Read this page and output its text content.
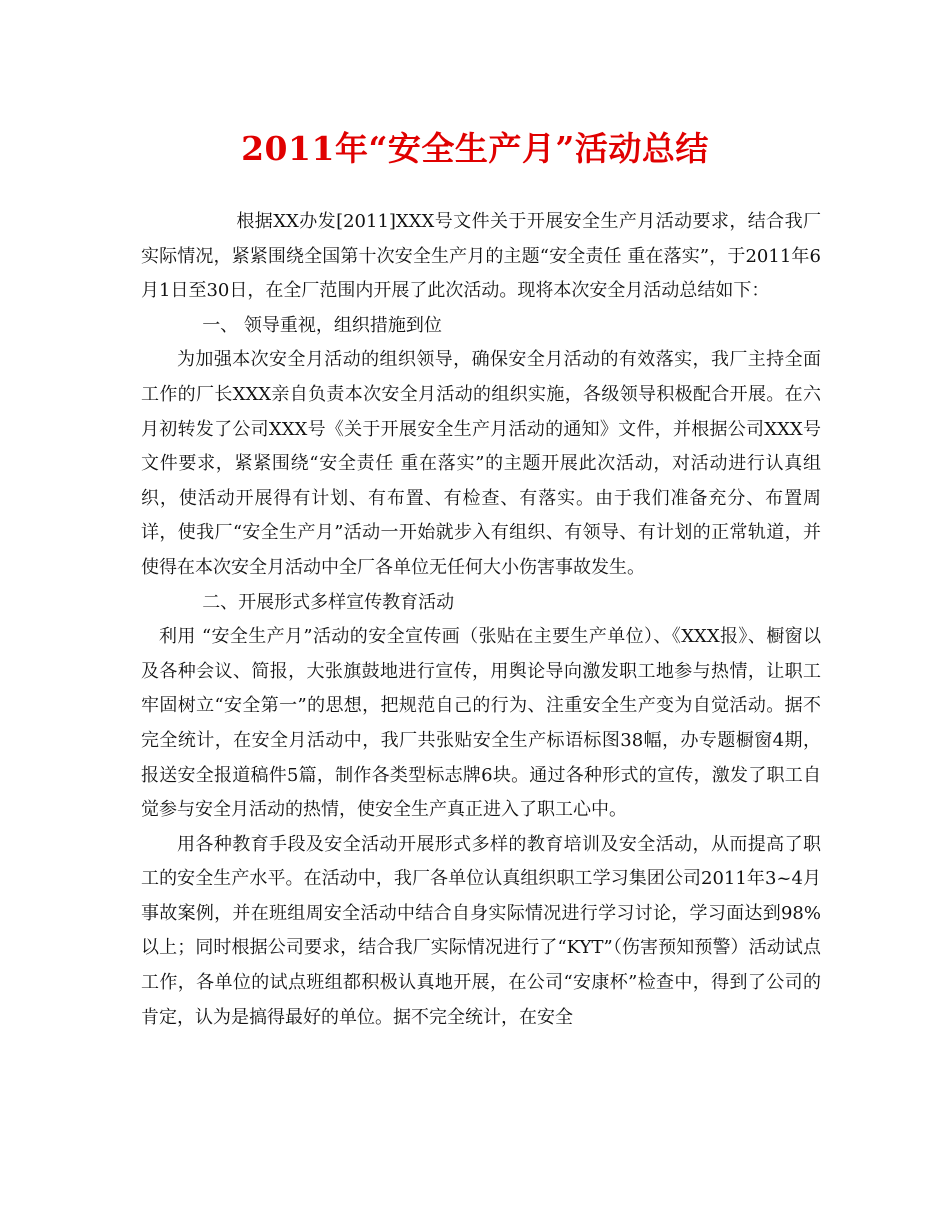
2011年“安全生产月”活动总结

根据XX办发[2011]XXX号文件关于开展安全生产月活动要求，结合我厂实际情况，紧紧围绕全国第十次安全生产月的主题“安全责任 重在落实”，于2011年6月1日至30日，在全厂范围内开展了此次活动。现将本次安全月活动总结如下：

一、 领导重视，组织措施到位

为加强本次安全月活动的组织领导，确保安全月活动的有效落实，我厂主持全面工作的厂长XXX亲自负责本次安全月活动的组织实施，各级领导积极配合开展。在六月初转发了公司XXX号《关于开展安全生产月活动的通知》文件，并根据公司XXX号文件要求，紧紧围绕“安全责任 重在落实”的主题开展此次活动，对活动进行认真组织，使活动开展得有计划、有布置、有检查、有落实。由于我们准备充分、布置周详，使我厂“安全生产月”活动一开始就步入有组织、有领导、有计划的正常轨道，并使得在本次安全月活动中全厂各单位无任何大小伤害事故发生。

二、开展形式多样宣传教育活动

利用 “安全生产月”活动的安全宣传画（张贴在主要生产单位）、《XXX报》、橱窗以及各种会议、简报，大张旗鼓地进行宣传，用舆论导向激发职工地参与热情，让职工牢固树立“安全第一”的思想，把规范自己的行为、注重安全生产变为自觉活动。据不完全统计，在安全月活动中，我厂共张贴安全生产标语标图38幅，办专题橱窗4期，报送安全报道稿件5篇，制作各类型标志牌6块。通过各种形式的宣传，激发了职工自觉参与安全月活动的热情，使安全生产真正进入了职工心中。

用各种教育手段及安全活动开展形式多样的教育培训及安全活动，从而提高了职工的安全生产水平。在活动中，我厂各单位认真组织职工学习集团公司2011年3~4月事故案例，并在班组周安全活动中结合自身实际情况进行学习讨论，学习面达到98%以上；同时根据公司要求，结合我厂实际情况进行了“KYT”（伤害预知预警）活动试点工作，各单位的试点班组都积极认真地开展，在公司“安康杯”检查中，得到了公司的肯定，认为是搞得最好的单位。据不完全统计，在安全
